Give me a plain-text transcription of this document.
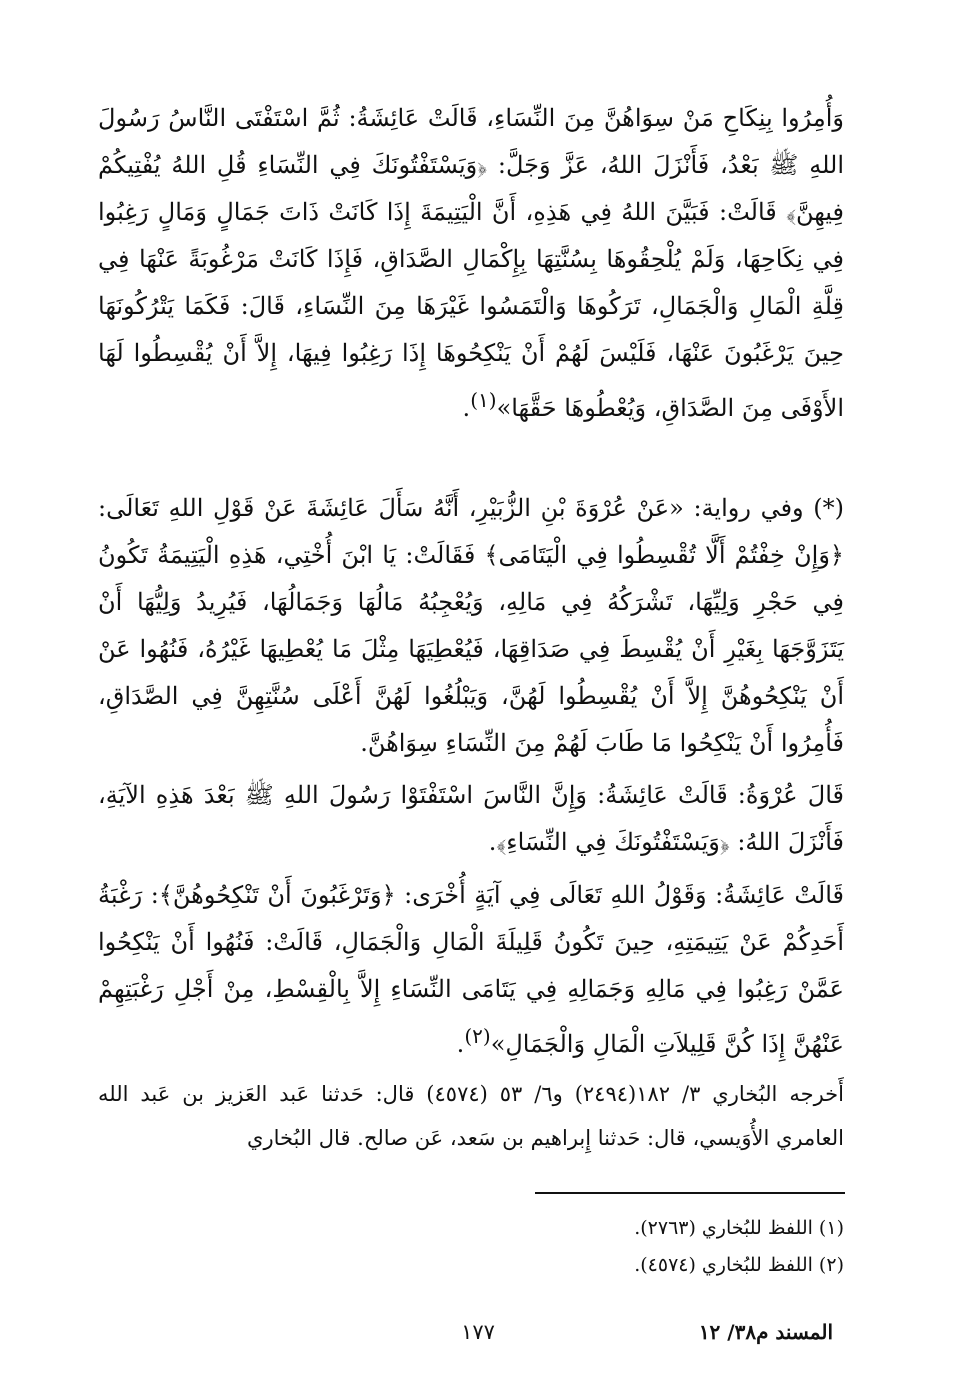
وَأُمِرُوا بِنِكَاحِ مَنْ سِوَاهُنَّ مِنَ النِّسَاءِ، قَالَتْ عَائِشَةُ: ثُمَّ اسْتَفْتَى النَّاسُ رَسُولَ اللهِ ﷺ بَعْدُ، فَأَنْزَلَ اللهُ، عَزَّ وَجَلَّ: ﴿وَيَسْتَفْتُونَكَ فِي النِّسَاءِ قُلِ اللهُ يُفْتِيكُمْ فِيهِنَّ﴾ قَالَتْ: فَبَيَّنَ اللهُ فِي هَذِهِ، أَنَّ الْيَتِيمَةَ إِذَا كَانَتْ ذَاتَ جَمَالٍ وَمَالٍ رَغِبُوا فِي نِكَاحِهَا، وَلَمْ يُلْحِقُوهَا بِسُنَّتِهَا بِإِكْمَالِ الصَّدَاقِ، فَإِذَا كَانَتْ مَرْغُوبَةً عَنْهَا فِي قِلَّةِ الْمَالِ وَالْجَمَالِ، تَرَكُوهَا وَالْتَمَسُوا غَيْرَهَا مِنَ النِّسَاءِ، قَالَ: فَكَمَا يَتْرُكُونَهَا حِينَ يَرْغَبُونَ عَنْهَا، فَلَيْسَ لَهُمْ أَنْ يَنْكِحُوهَا إِذَا رَغِبُوا فِيهَا، إِلاَّ أَنْ يُقْسِطُوا لَهَا الأَوْفَى مِنَ الصَّدَاقِ، وَيُعْطُوهَا حَقَّهَا»$^{(١)}$.

(*) وفي رواية: «عَنْ عُرْوَةَ بْنِ الزُّبَيْرِ، أَنَّهُ سَأَلَ عَائِشَةَ عَنْ قَوْلِ اللهِ تَعَالَى: ﴿وَإِنْ خِفْتُمْ أَلَّا تُقْسِطُوا فِي الْيَتَامَى﴾ فَقَالَتْ: يَا ابْنَ أُخْتِي، هَذِهِ الْيَتِيمَةُ تَكُونُ فِي حَجْرِ وَلِيِّهَا، تَشْرَكُهُ فِي مَالِهِ، وَيُعْجِبُهُ مَالُهَا وَجَمَالُهَا، فَيُرِيدُ وَلِيُّهَا أَنْ يَتَزَوَّجَهَا بِغَيْرِ أَنْ يُقْسِطَ فِي صَدَاقِهَا، فَيُعْطِيَهَا مِثْلَ مَا يُعْطِيهَا غَيْرُهُ، فَنُهُوا عَنْ أَنْ يَنْكِحُوهُنَّ إِلاَّ أَنْ يُقْسِطُوا لَهُنَّ، وَيَبْلُغُوا لَهُنَّ أَعْلَى سُنَّتِهِنَّ فِي الصَّدَاقِ، فَأُمِرُوا أَنْ يَنْكِحُوا مَا طَابَ لَهُمْ مِنَ النِّسَاءِ سِوَاهُنَّ.

قَالَ عُرْوَةُ: قَالَتْ عَائِشَةُ: وَإِنَّ النَّاسَ اسْتَفْتَوْا رَسُولَ اللهِ ﷺ بَعْدَ هَذِهِ الآيَةِ، فَأَنْزَلَ اللهُ: ﴿وَيَسْتَفْتُونَكَ فِي النِّسَاءِ﴾.

قَالَتْ عَائِشَةُ: وَقَوْلُ اللهِ تَعَالَى فِي آيَةٍ أُخْرَى: ﴿وَتَرْغَبُونَ أَنْ تَنْكِحُوهُنَّ﴾: رَغْبَةُ أَحَدِكُمْ عَنْ يَتِيمَتِهِ، حِينَ تَكُونُ قَلِيلَةَ الْمَالِ وَالْجَمَالِ، قَالَتْ: فَنُهُوا أَنْ يَنْكِحُوا عَمَّنْ رَغِبُوا فِي مَالِهِ وَجَمَالِهِ فِي يَتَامَى النِّسَاءِ إِلاَّ بِالْقِسْطِ، مِنْ أَجْلِ رَغْبَتِهِمْ عَنْهُنَّ إِذَا كُنَّ قَلِيلاَتِ الْمَالِ وَالْجَمَالِ»$^{(٢)}$.

أَخرجه البُخاري ٣/ ١٨٢(٢٤٩٤) و٦/ ٥٣ (٤٥٧٤) قال: حَدثنا عَبد العَزيز بن عَبد الله العامري الأُوَيسي، قال: حَدثنا إِبراهيم بن سَعد، عَن صالح. قال البُخاري

(١) اللفظ للبُخاري (٢٧٦٣).

(٢) اللفظ للبُخاري (٤٥٧٤).

١٧٧	المسند م٣٨/ ١٢
